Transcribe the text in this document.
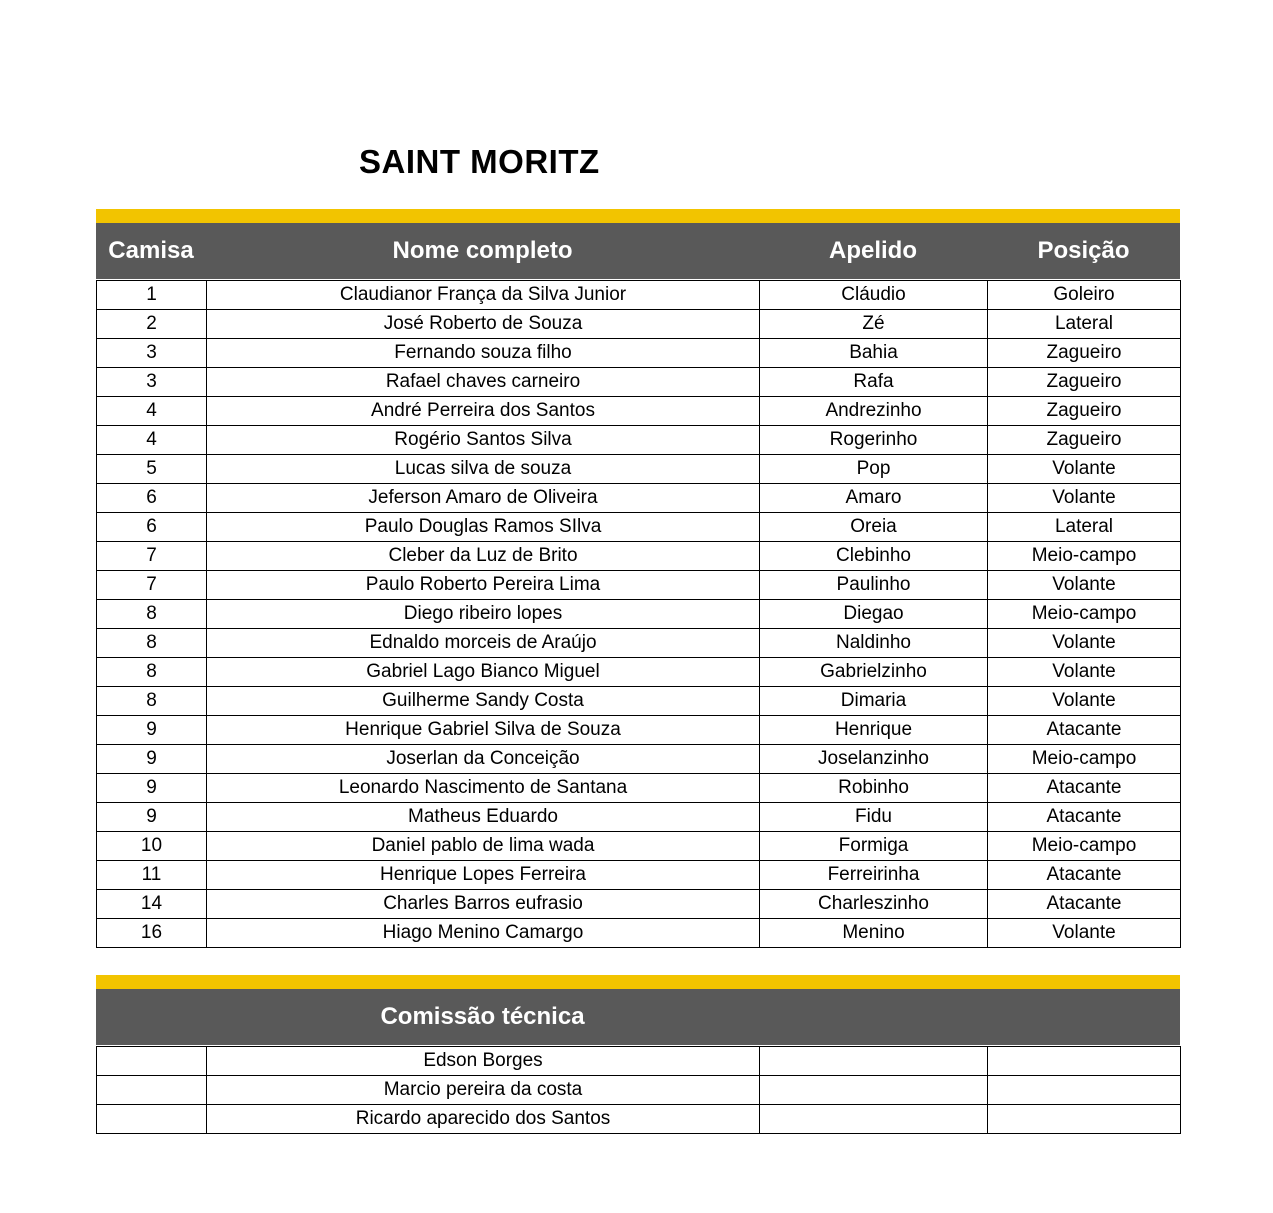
SAINT MORITZ
Camisa	Nome completo	Apelido	Posição
1	Claudianor França da Silva Junior	Cláudio	Goleiro
2	José Roberto de Souza	Zé	Lateral
3	Fernando souza filho	Bahia	Zagueiro
3	Rafael chaves carneiro	Rafa	Zagueiro
4	André Perreira dos Santos	Andrezinho	Zagueiro
4	Rogério Santos Silva	Rogerinho	Zagueiro
5	Lucas silva de souza	Pop	Volante
6	Jeferson Amaro de Oliveira	Amaro	Volante
6	Paulo Douglas Ramos SIlva	Oreia	Lateral
7	Cleber da Luz de Brito	Clebinho	Meio-campo
7	Paulo Roberto Pereira Lima	Paulinho	Volante
8	Diego ribeiro lopes	Diegao	Meio-campo
8	Ednaldo morceis de Araújo	Naldinho	Volante
8	Gabriel Lago Bianco Miguel	Gabrielzinho	Volante
8	Guilherme Sandy Costa	Dimaria	Volante
9	Henrique Gabriel Silva de Souza	Henrique	Atacante
9	Joserlan da Conceição	Joselanzinho	Meio-campo
9	Leonardo Nascimento de Santana	Robinho	Atacante
9	Matheus Eduardo	Fidu	Atacante
10	Daniel pablo de lima wada	Formiga	Meio-campo
11	Henrique Lopes Ferreira	Ferreirinha	Atacante
14	Charles Barros eufrasio	Charleszinho	Atacante
16	Hiago Menino Camargo	Menino	Volante
Comissão técnica
	Edson Borges		
	Marcio pereira da costa		
	Ricardo aparecido dos Santos		
